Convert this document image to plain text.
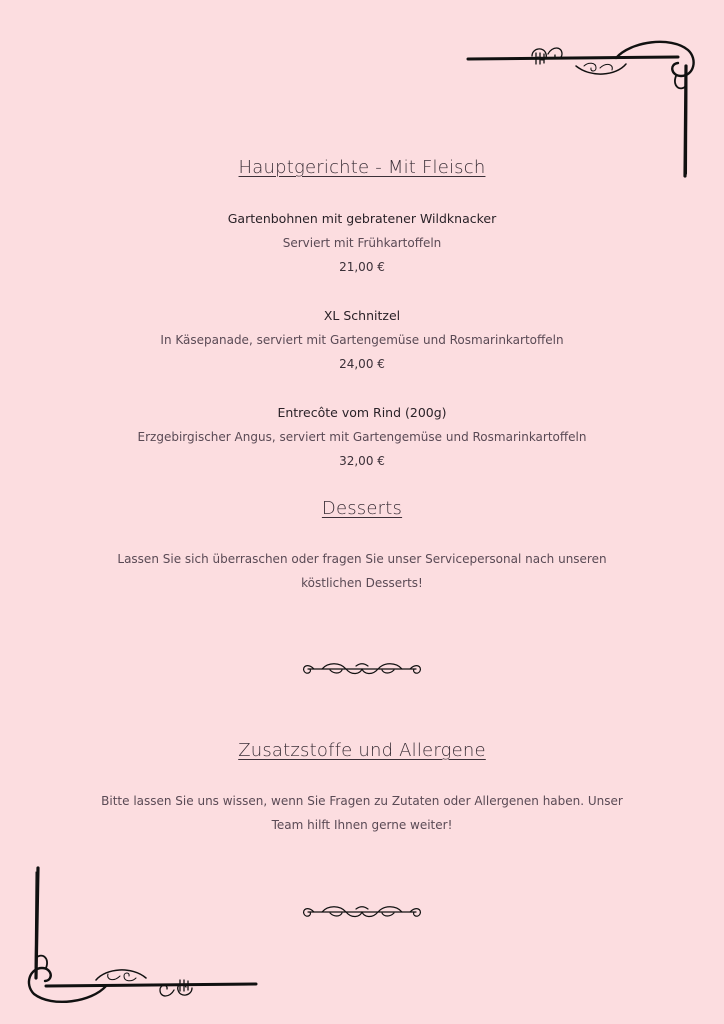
Hauptgerichte - Mit Fleisch
Gartenbohnen mit gebratener Wildknacker
Serviert mit Frühkartoffeln
21,00 €
XL Schnitzel
In Käsepanade, serviert mit Gartengemüse und Rosmarinkartoffeln
24,00 €
Entrecôte vom Rind (200g)
Erzgebirgischer Angus, serviert mit Gartengemüse und Rosmarinkartoffeln
32,00 €
Desserts
Lassen Sie sich überraschen oder fragen Sie unser Servicepersonal nach unseren
köstlichen Desserts!
Zusatzstoffe und Allergene
Bitte lassen Sie uns wissen, wenn Sie Fragen zu Zutaten oder Allergenen haben. Unser
Team hilft Ihnen gerne weiter!
